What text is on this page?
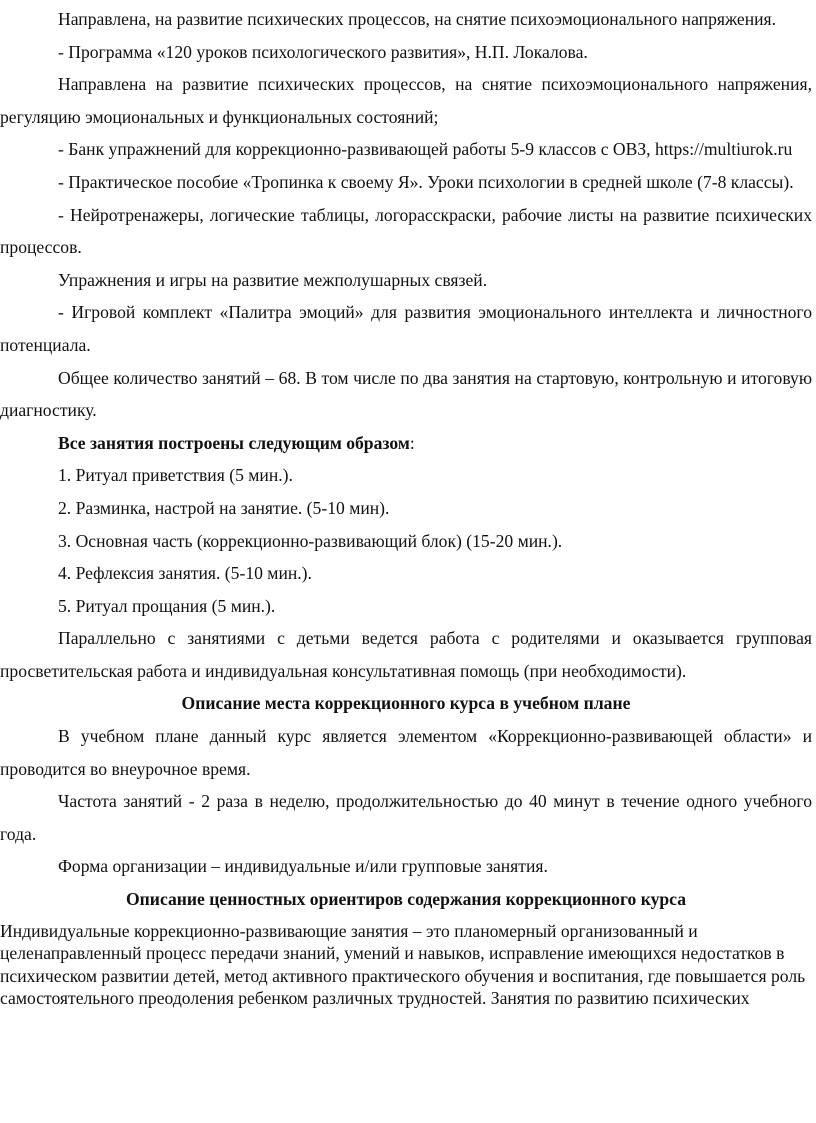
Направлена, на развитие психических процессов, на снятие психоэмоционального напряжения.

- Программа «120 уроков психологического развития», Н.П. Локалова.

Направлена на развитие психических процессов, на снятие психоэмоционального напряжения, регуляцию эмоциональных и функциональных состояний;

- Банк упражнений для коррекционно-развивающей работы 5-9 классов с ОВЗ, https://multiurok.ru

- Практическое пособие «Тропинка к своему Я». Уроки психологии в средней школе (7-8 классы).

- Нейротренажеры, логические таблицы, логорасскраски, рабочие листы на развитие психических процессов.

Упражнения и игры на развитие межполушарных связей.

- Игровой комплект «Палитра эмоций» для развития эмоционального интеллекта и личностного потенциала.

Общее количество занятий – 68. В том числе по два занятия на стартовую, контрольную и итоговую диагностику.

Все занятия построены следующим образом:

1. Ритуал приветствия (5 мин.).

2. Разминка, настрой на занятие. (5-10 мин).

3. Основная часть (коррекционно-развивающий блок) (15-20 мин.).

4. Рефлексия занятия. (5-10 мин.).

5. Ритуал прощания (5 мин.).

Параллельно с занятиями с детьми ведется работа с родителями и оказывается групповая просветительская работа и индивидуальная консультативная помощь (при необходимости).

Описание места коррекционного курса в учебном плане

В учебном плане данный курс является элементом «Коррекционно-развивающей области» и проводится во внеурочное время.

Частота занятий - 2 раза в неделю, продолжительностью до 40 минут в течение одного учебного года.

Форма организации – индивидуальные и/или групповые занятия.

Описание ценностных ориентиров содержания коррекционного курса

Индивидуальные коррекционно-развивающие занятия – это планомерный организованный и целенаправленный процесс передачи знаний, умений и навыков, исправление имеющихся недостатков в психическом развитии детей, метод активного практического обучения и воспитания, где повышается роль самостоятельного преодоления ребенком различных трудностей. Занятия по развитию психических
